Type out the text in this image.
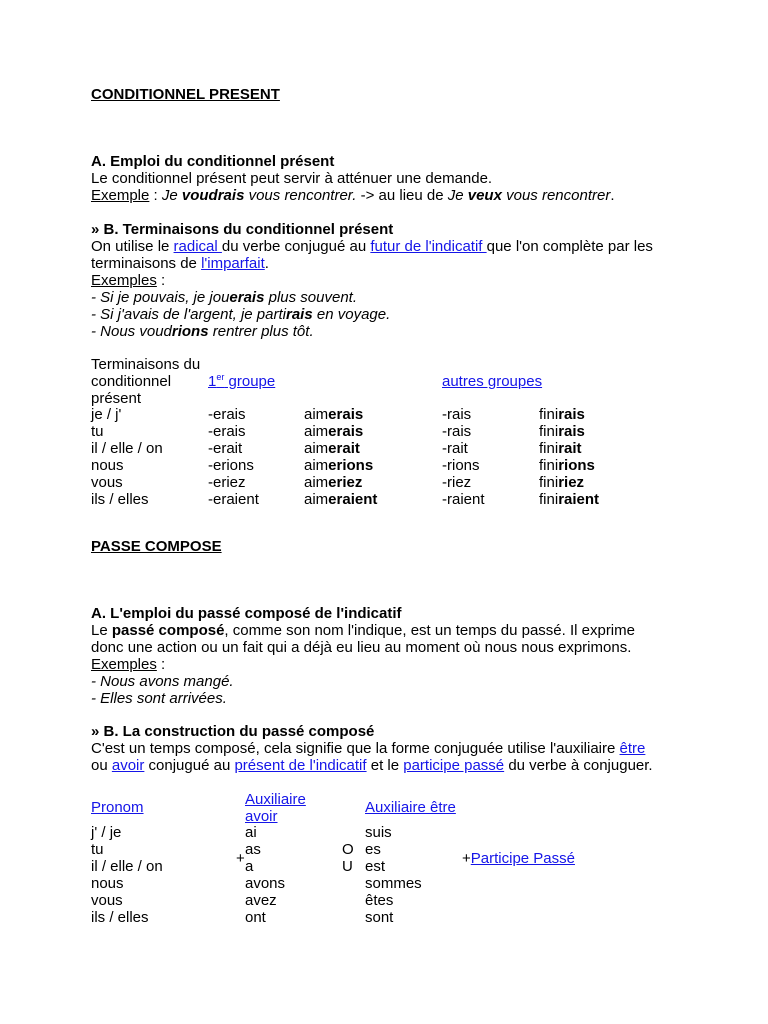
CONDITIONNEL PRESENT
A. Emploi du conditionnel présent
Le conditionnel présent peut servir à atténuer une demande.
Exemple : Je voudrais vous rencontrer. -> au lieu de Je veux vous rencontrer.
» B. Terminaisons du conditionnel présent
On utilise le radical du verbe conjugué au futur de l'indicatif que l'on complète par les
terminaisons de l'imparfait.
Exemples :
- Si je pouvais, je jouerais plus souvent.
- Si j'avais de l'argent, je partirais en voyage.
- Nous voudrions rentrer plus tôt.
Terminaisons du
conditionnel
présent
1er groupe	autres groupes
je / j'
tu
il / elle / on
nous
vous
ils / elles
-erais
-erais
-erait
-erions
-eriez
-eraient
aimerais
aimerais
aimerait
aimerions
aimeriez
aimeraient
-rais
-rais
-rait
-rions
-riez
-raient
finirais
finirais
finirait
finirions
finiriez
finiraient
PASSE COMPOSE
A. L'emploi du passé composé de l'indicatif
Le passé composé, comme son nom l'indique, est un temps du passé. Il exprime
donc une action ou un fait qui a déjà eu lieu au moment où nous nous exprimons.
Exemples :
- Nous avons mangé.
- Elles sont arrivées.
» B. La construction du passé composé
C'est un temps composé, cela signifie que la forme conjuguée utilise l'auxiliaire être
ou avoir conjugué au présent de l'indicatif et le participe passé du verbe à conjuguer.
Pronom	Auxiliaire
avoir
Auxiliaire être
j' / je
tu
il / elle / on
nous
vous
ils / elles
+
ai
as
a
avons
avez
ont
O
U
suis
es
est
sommes
êtes
sont
+Participe Passé
